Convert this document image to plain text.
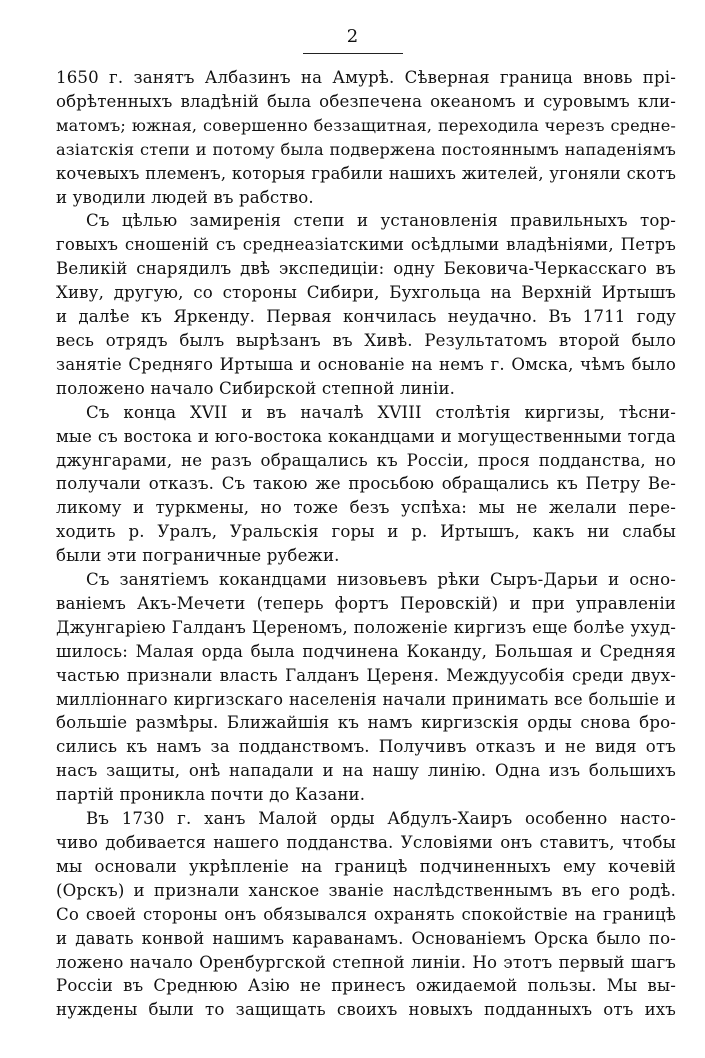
2
1650 г. занятъ Албазинъ на Амурѣ. Сѣверная граница вновь прі-
обрѣтенныхъ владѣній была обезпечена океаномъ и суровымъ кли-
матомъ; южная, совершенно беззащитная, переходила черезъ средне-
азіатскія степи и потому была подвержена постояннымъ нападеніямъ
кочевыхъ племенъ, которыя грабили нашихъ жителей, угоняли скотъ
и уводили людей въ рабство.
Съ цѣлью замиренія степи и установленія правильныхъ тор-
говыхъ сношеній съ среднеазіатскими осѣдлыми владѣніями, Петръ
Великій снарядилъ двѣ экспедиціи: одну Бековича-Черкасскаго въ
Хиву, другую, со стороны Сибири, Бухгольца на Верхній Иртышъ
и далѣе къ Яркенду. Первая кончилась неудачно. Въ 1711 году
весь отрядъ былъ вырѣзанъ въ Хивѣ. Результатомъ второй было
занятіе Средняго Иртыша и основаніе на немъ г. Омска, чѣмъ было
положено начало Сибирской степной линіи.
Съ конца XVII и въ началѣ XVIII столѣтія киргизы, тѣсни-
мые съ востока и юго-востока кокандцами и могущественными тогда
джунгарами, не разъ обращались къ Россіи, прося подданства, но
получали отказъ. Съ такою же просьбою обращались къ Петру Ве-
ликому и туркмены, но тоже безъ успѣха: мы не желали пере-
ходить р. Уралъ, Уральскія горы и р. Иртышъ, какъ ни слабы
были эти пограничные рубежи.
Съ занятіемъ кокандцами низовьевъ рѣки Сыръ-Дарьи и осно-
ваніемъ Акъ-Мечети (теперь фортъ Перовскій) и при управленіи
Джунгаріею Галданъ Цереномъ, положеніе киргизъ еще болѣе ухуд-
шилось: Малая орда была подчинена Коканду, Большая и Средняя
частью признали власть Галданъ Цереня. Междуусобія среди двух-
милліоннаго киргизскаго населенія начали принимать все большіе и
большіе размѣры. Ближайшія къ намъ киргизскія орды снова бро-
сились къ намъ за подданствомъ. Получивъ отказъ и не видя отъ
насъ защиты, онѣ нападали и на нашу линію. Одна изъ большихъ
партій проникла почти до Казани.
Въ 1730 г. ханъ Малой орды Абдулъ-Хаиръ особенно насто-
чиво добивается нашего подданства. Условіями онъ ставитъ, чтобы
мы основали укрѣпленіе на границѣ подчиненныхъ ему кочевій
(Орскъ) и признали ханское званіе наслѣдственнымъ въ его родѣ.
Со своей стороны онъ обязывался охранять спокойствіе на границѣ
и давать конвой нашимъ караванамъ. Основаніемъ Орска было по-
ложено начало Оренбургской степной линіи. Но этотъ первый шагъ
Россіи въ Среднюю Азію не принесъ ожидаемой пользы. Мы вы-
нуждены были то защищать своихъ новыхъ подданныхъ отъ ихъ
